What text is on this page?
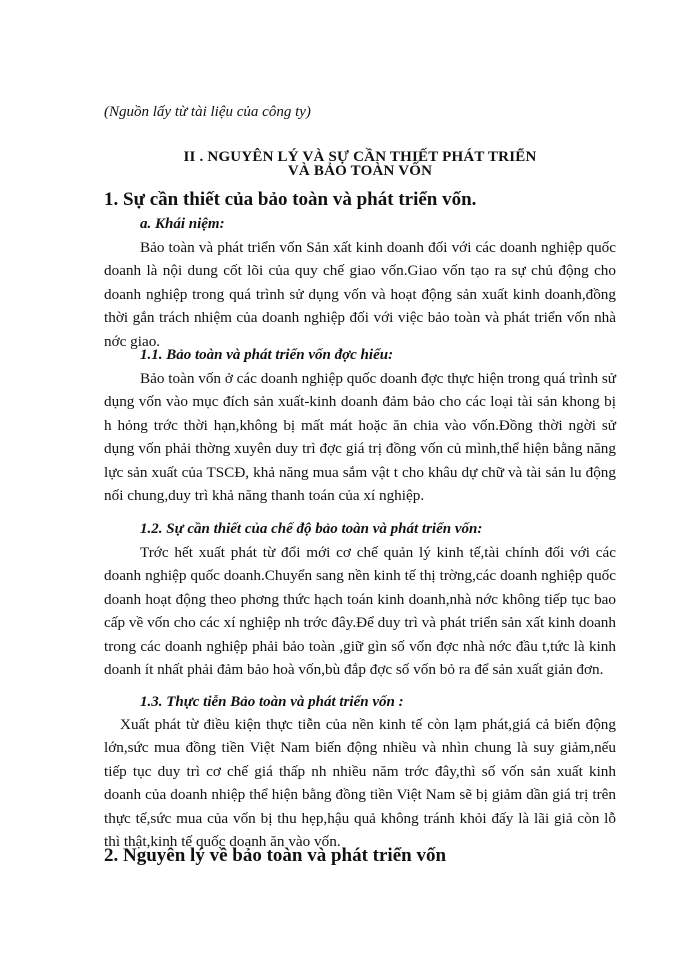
(Nguồn lấy từ tài liệu của công ty)
II . NGUYÊN LÝ VÀ SỰ CẦN THIẾT PHÁT TRIỂN
VÀ BẢO TOÀN VỐN
1. Sự cần thiết của bảo toàn và phát triển vốn.
a. Khái niệm:

Bảo toàn và phát triển vốn Sản xất kinh doanh đối với các doanh nghiệp quốc doanh là nội dung cốt lõi của quy chế giao vốn.Giao vốn tạo ra sự chủ động cho doanh nghiệp trong quá trình sử dụng vốn và hoạt động sản xuất kinh doanh,đồng thời gắn trách nhiệm của doanh nghiệp đối với việc bảo toàn và phát triển vốn nhà nớc giao.

1.1. Bảo toàn và phát triển vốn đợc hiểu:

Bảo toàn vốn ở các doanh nghiệp quốc doanh đợc thực hiện trong quá trình sử dụng vốn vào mục đích sản xuất-kinh doanh đảm bảo cho các loại tài sản khong bị h hỏng trớc thời hạn,không bị mất mát hoặc ăn chia vào vốn.Đồng thời ngời sử dụng vốn phải thờng xuyên duy trì đợc giá trị đồng vốn củ mình,thể hiện bằng năng lực sản xuất của TSCĐ, khả năng mua sắm vật t cho khâu dự chữ và tài sản lu động nối chung,duy trì khả năng thanh toán của xí nghiệp.

1.2. Sự cần thiết của chế độ bảo toàn và phát triển vốn:

Trớc hết xuất phát từ đổi mới cơ chế quản lý kinh tế,tài chính đối với các doanh nghiệp quốc doanh.Chuyển sang nền kinh tế thị trờng,các doanh nghiệp quốc doanh hoạt động theo phơng thức hạch toán kinh doanh,nhà nớc không tiếp tục bao cấp về vốn cho các xí nghiệp nh trớc đây.Để duy trì và phát triển sản xất kinh doanh trong các doanh nghiệp phải bảo toàn ,giữ gìn số vốn đợc nhà nớc đầu t,tức là kinh doanh ít nhất phải đảm bảo hoà vốn,bù đắp đợc số vốn bỏ ra để sản xuất giản đơn.

1.3. Thực tiễn Bảo toàn và phát triển vốn :

Xuất phát từ điều kiện thực tiễn của nền kinh tế còn lạm phát,giá cả biến động lớn,sức mua đồng tiền Việt Nam biến động nhiều và nhìn chung là suy giảm,nếu tiếp tục duy trì cơ chế giá thấp nh nhiều năm trớc đây,thì số vốn sản xuất kinh doanh của doanh nhiệp thể hiện bằng đồng tiền Việt Nam sẽ bị giảm dần giá trị trên thực tế,sức mua của vốn bị thu hẹp,hậu quả không tránh khỏi đấy là lãi giả còn lỗ thì thật,kinh tế quốc doanh ăn vào vốn.

2. Nguyên lý về bảo toàn và phát triển vốn
